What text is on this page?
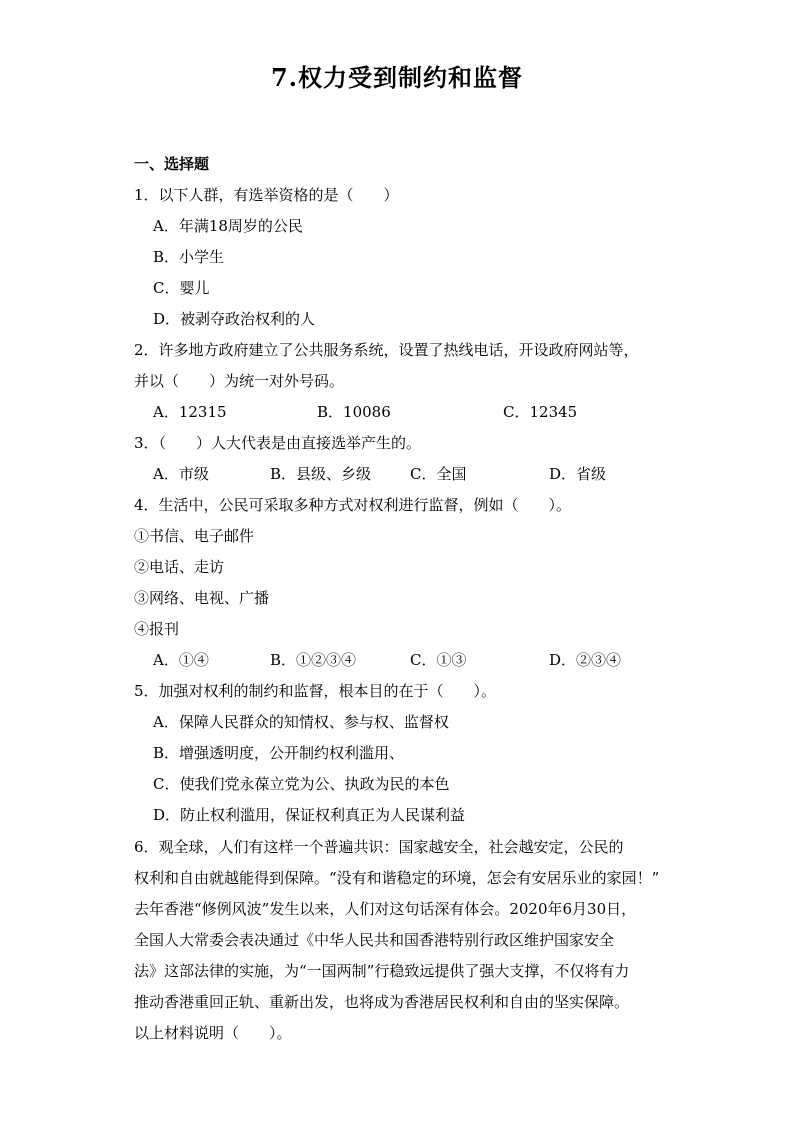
7.权力受到制约和监督
一、选择题
1．以下人群，有选举资格的是（　　）
A．年满18周岁的公民
B．小学生
C．婴儿
D．被剥夺政治权利的人
2．许多地方政府建立了公共服务系统，设置了热线电话，开设政府网站等，
并以（　　）为统一对外号码。
A．12315	B．10086	C．12345
3．（　　）人大代表是由直接选举产生的。
A．市级	B．县级、乡级	C．全国	D．省级
4．生活中，公民可采取多种方式对权利进行监督，例如（　　）。
①书信、电子邮件
②电话、走访
③网络、电视、广播
④报刊
A．①④	B．①②③④	C．①③	D．②③④
5．加强对权利的制约和监督，根本目的在于（　　）。
A．保障人民群众的知情权、参与权、监督权
B．增强透明度，公开制约权利滥用、
C．使我们党永葆立党为公、执政为民的本色
D．防止权利滥用，保证权利真正为人民谋利益
6．观全球，人们有这样一个普遍共识：国家越安全，社会越安定，公民的
权利和自由就越能得到保障。“没有和谐稳定的环境，怎会有安居乐业的家园！”
去年香港“修例风波”发生以来，人们对这句话深有体会。2020年6月30日，
全国人大常委会表决通过《中华人民共和国香港特别行政区维护国家安全
法》这部法律的实施，为“一国两制”行稳致远提供了强大支撑，不仅将有力
推动香港重回正轨、重新出发，也将成为香港居民权利和自由的坚实保障。
以上材料说明（　　）。
